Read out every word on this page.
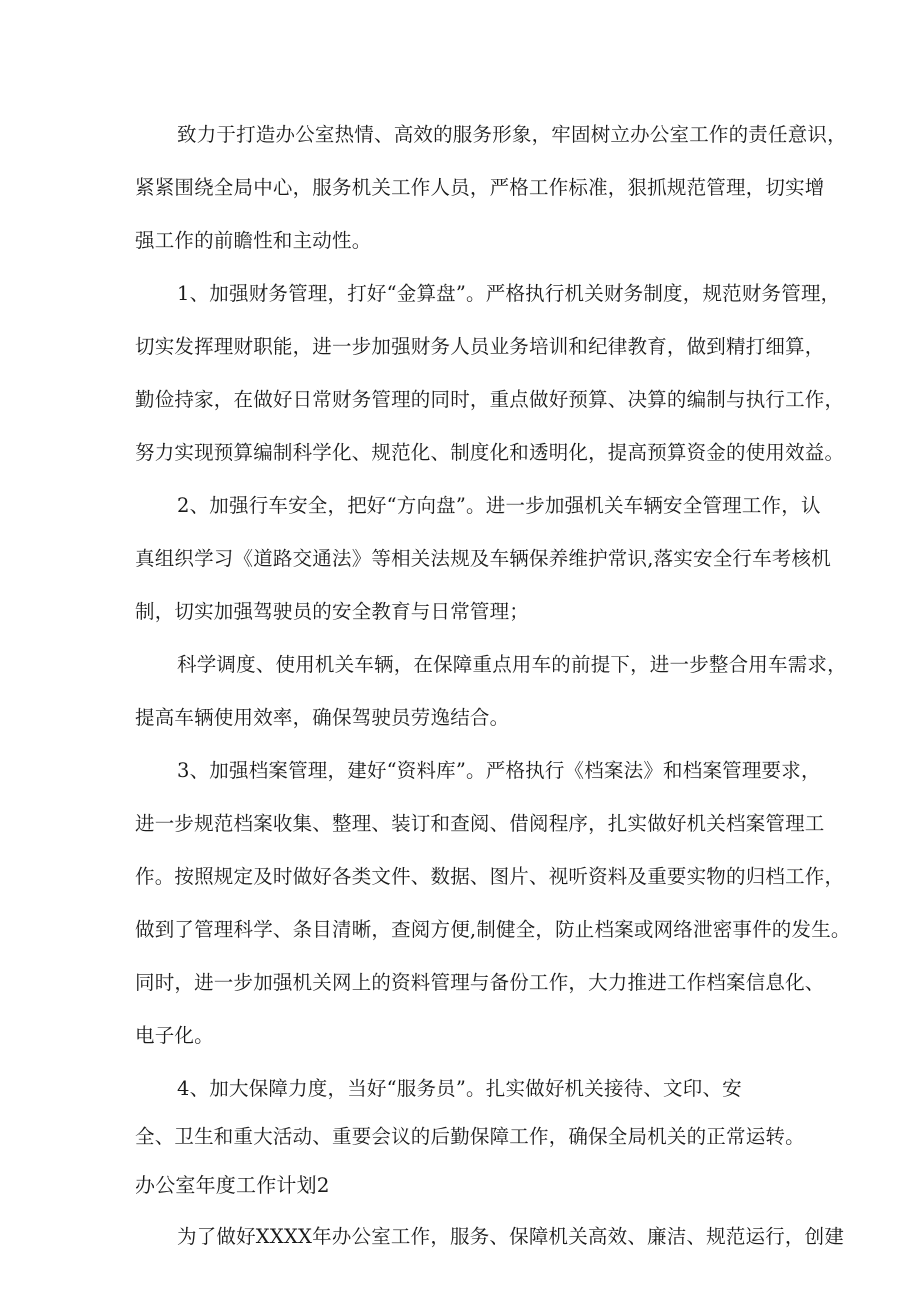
致力于打造办公室热情、高效的服务形象，牢固树立办公室工作的责任意识，
紧紧围绕全局中心，服务机关工作人员，严格工作标准，狠抓规范管理，切实增
强工作的前瞻性和主动性。
1、加强财务管理，打好“金算盘”。严格执行机关财务制度，规范财务管理，
切实发挥理财职能，进一步加强财务人员业务培训和纪律教育，做到精打细算，
勤俭持家，在做好日常财务管理的同时，重点做好预算、决算的编制与执行工作，
努力实现预算编制科学化、规范化、制度化和透明化，提高预算资金的使用效益。
2、加强行车安全，把好“方向盘”。进一步加强机关车辆安全管理工作，认
真组织学习《道路交通法》等相关法规及车辆保养维护常识,落实安全行车考核机
制，切实加强驾驶员的安全教育与日常管理；
科学调度、使用机关车辆，在保障重点用车的前提下，进一步整合用车需求，
提高车辆使用效率，确保驾驶员劳逸结合。
3、加强档案管理，建好“资料库”。严格执行《档案法》和档案管理要求，
进一步规范档案收集、整理、装订和查阅、借阅程序，扎实做好机关档案管理工
作。按照规定及时做好各类文件、数据、图片、视听资料及重要实物的归档工作，
做到了管理科学、条目清晰，查阅方便,制健全，防止档案或网络泄密事件的发生。
同时，进一步加强机关网上的资料管理与备份工作，大力推进工作档案信息化、
电子化。
4、加大保障力度，当好“服务员”。扎实做好机关接待、文印、安
全、卫生和重大活动、重要会议的后勤保障工作，确保全局机关的正常运转。
办公室年度工作计划2
为了做好XXXX年办公室工作，服务、保障机关高效、廉洁、规范运行，创建
